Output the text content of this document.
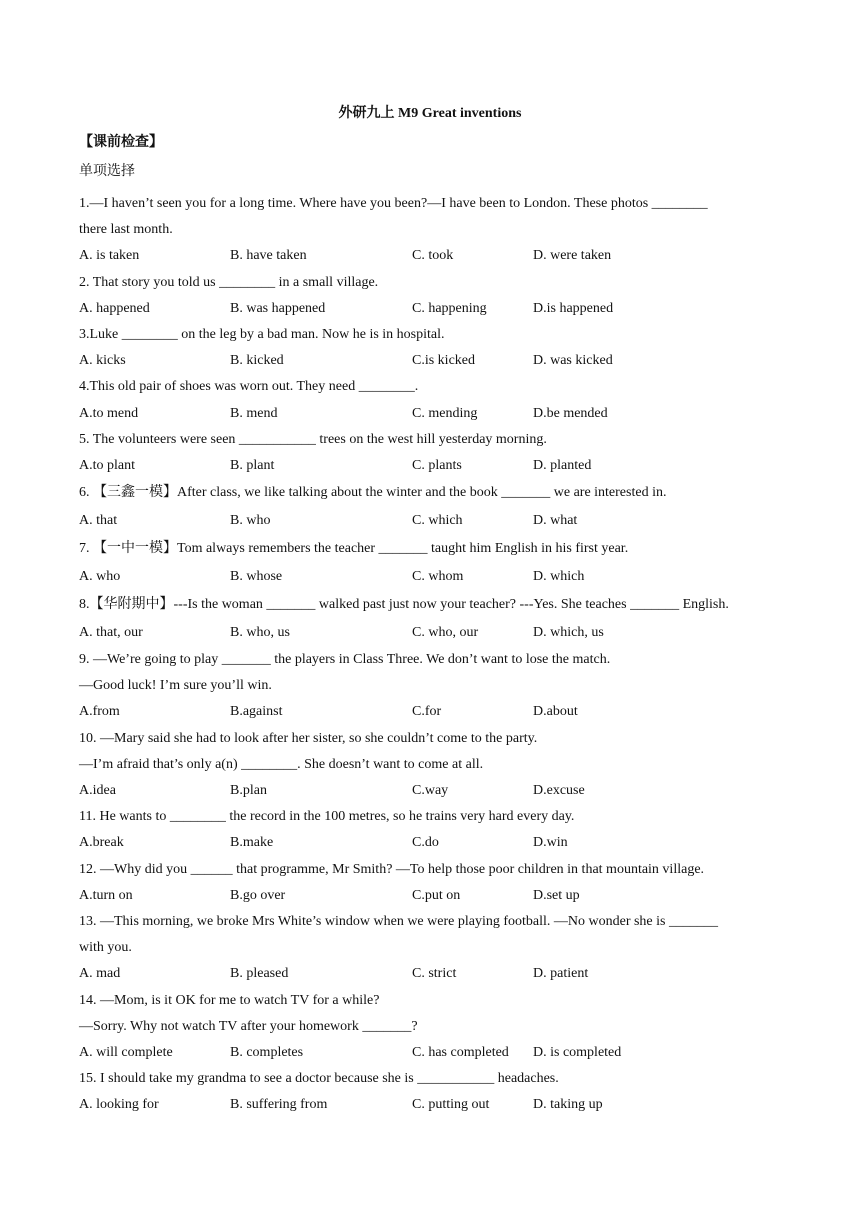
外研九上 M9 Great inventions
【课前检查】
单项选择
1.—I haven’t seen you for a long time. Where have you been?—I have been to London. These photos ________
there last month.
A. is taken	B. have taken	C. took	D. were taken
2. That story you told us ________ in a small village.
A. happened	B. was happened	C. happening	D.is happened
3.Luke ________ on the leg by a bad man. Now he is in hospital.
A. kicks	B. kicked	C.is kicked	D. was kicked
4.This old pair of shoes was worn out. They need ________.
A.to mend	B. mend	C. mending	D.be mended
5. The volunteers were seen ___________ trees on the west hill yesterday morning.
A.to plant	B. plant	C. plants	D. planted
6. 【三鑫一模】After class, we like talking about the winter and the book _______ we are interested in.
A. that	B. who	C. which	D. what
7. 【一中一模】Tom always remembers the teacher _______ taught him English in his first year.
A. who	B. whose	C. whom	D. which
8.【华附期中】---Is the woman _______ walked past just now your teacher? ---Yes. She teaches _______ English.
A. that, our	B. who, us	C. who, our	D. which, us
9. —We’re going to play _______ the players in Class Three. We don’t want to lose the match.
—Good luck! I’m sure you’ll win.
A.from	B.against	C.for	D.about
10. —Mary said she had to look after her sister, so she couldn’t come to the party.
—I’m afraid that’s only a(n) ________. She doesn’t want to come at all.
A.idea	B.plan	C.way	D.excuse
11. He wants to ________ the record in the 100 metres, so he trains very hard every day.
A.break	B.make	C.do	D.win
12. —Why did you ______ that programme, Mr Smith? —To help those poor children in that mountain village.
A.turn on	B.go over	C.put on	D.set up
13. —This morning, we broke Mrs White’s window when we were playing football. —No wonder she is _______
with you.
A. mad	B. pleased	C. strict	D. patient
14. —Mom, is it OK for me to watch TV for a while?
—Sorry. Why not watch TV after your homework _______?
A. will complete	B. completes	C. has completed D. is completed
15. I should take my grandma to see a doctor because she is ___________ headaches.
A. looking for	B. suffering from	C. putting out	D. taking up
